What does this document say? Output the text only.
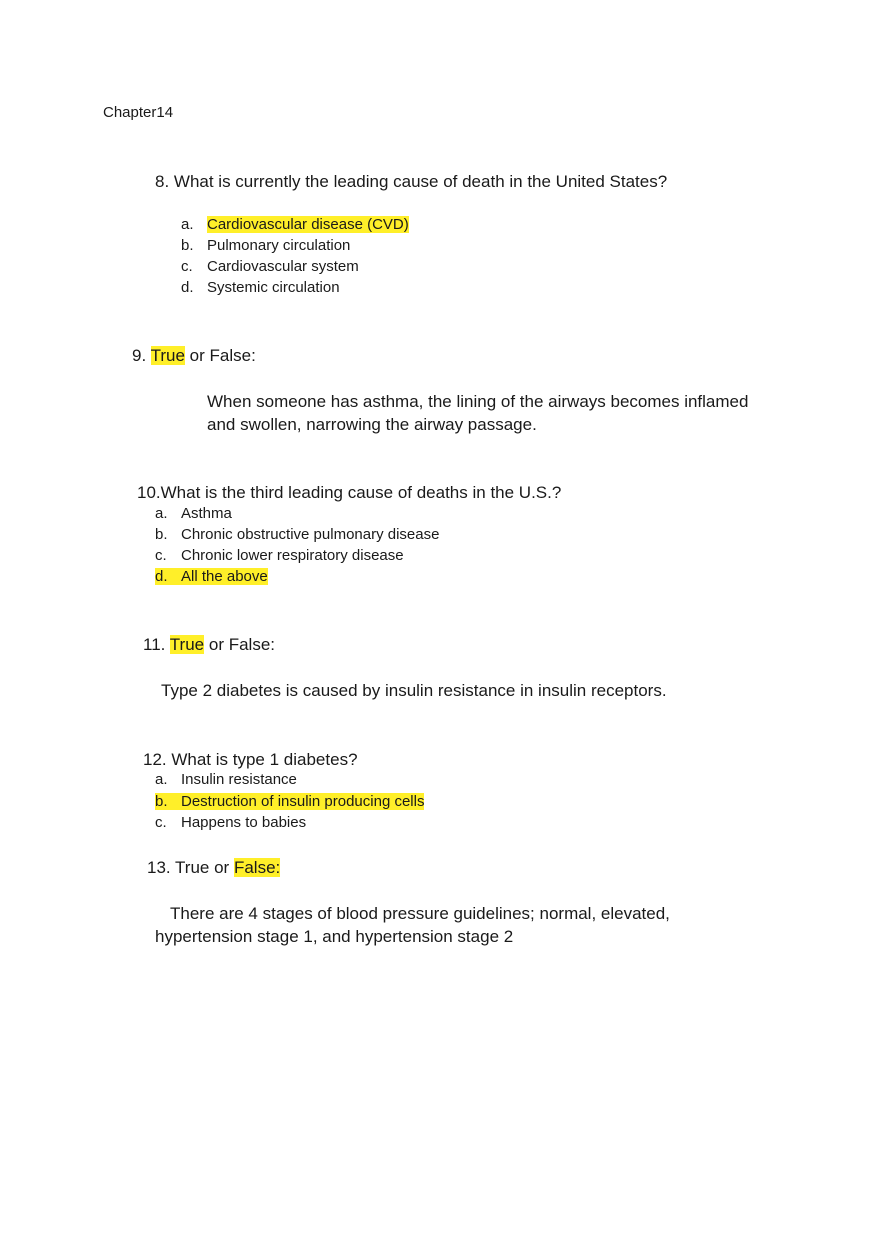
Chapter14
8. What is currently the leading cause of death in the United States?
a. Cardiovascular disease (CVD)
b. Pulmonary circulation
c. Cardiovascular system
d. Systemic circulation
9. True or False:
When someone has asthma, the lining of the airways becomes inflamed
and swollen, narrowing the airway passage.
10.What is the third leading cause of deaths in the U.S.?
a. Asthma
b. Chronic obstructive pulmonary disease
c. Chronic lower respiratory disease
d. All the above
11. True or False:
Type 2 diabetes is caused by insulin resistance in insulin receptors.
12. What is type 1 diabetes?
a. Insulin resistance
b. Destruction of insulin producing cells
c. Happens to babies
13. True or False:
There are 4 stages of blood pressure guidelines; normal, elevated,
hypertension stage 1, and hypertension stage 2
